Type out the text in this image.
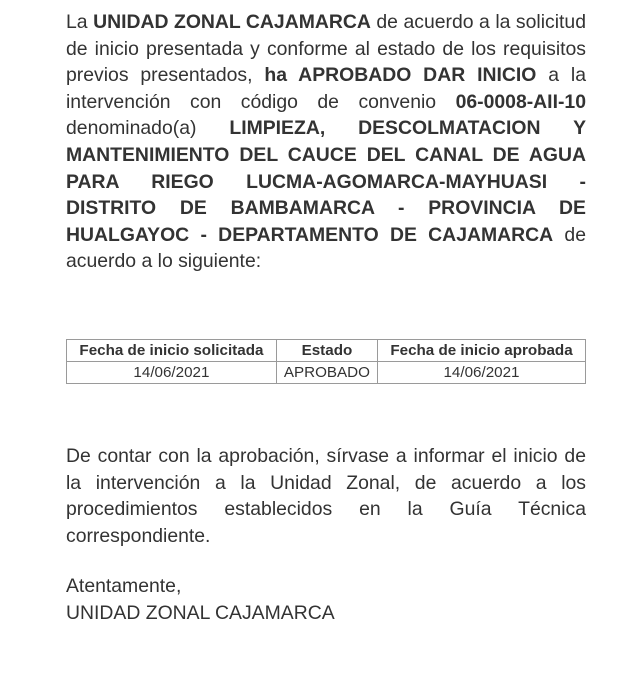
La UNIDAD ZONAL CAJAMARCA de acuerdo a la solicitud de inicio presentada y conforme al estado de los requisitos previos presentados, ha APROBADO DAR INICIO a la intervención con código de convenio 06-0008-AII-10 denominado(a) LIMPIEZA, DESCOLMATACION Y MANTENIMIENTO DEL CAUCE DEL CANAL DE AGUA PARA RIEGO LUCMA-AGOMARCA-MAYHUASI -DISTRITO DE BAMBAMARCA - PROVINCIA DE HUALGAYOC - DEPARTAMENTO DE CAJAMARCA de acuerdo a lo siguiente:
Fecha de inicio solicitada	Estado	Fecha de inicio aprobada
14/06/2021	APROBADO	14/06/2021
De contar con la aprobación, sírvase a informar el inicio de la intervención a la Unidad Zonal, de acuerdo a los procedimientos establecidos en la Guía Técnica correspondiente.
Atentamente,
UNIDAD ZONAL CAJAMARCA
